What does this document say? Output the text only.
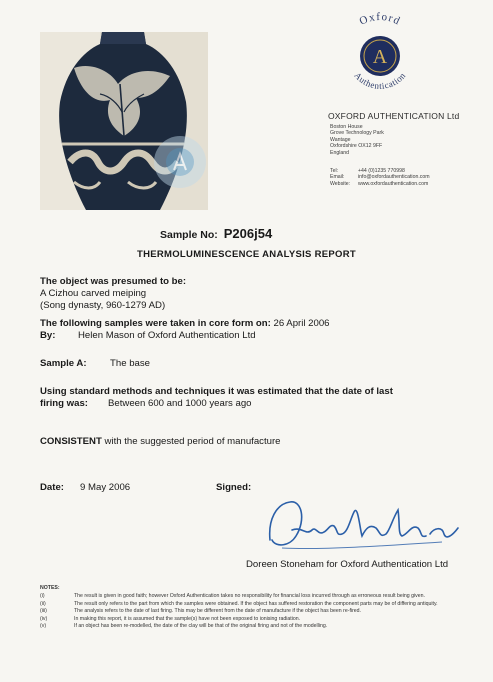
Oxford
A
Authentication
OXFORD AUTHENTICATION Ltd
Boston House
Grove Technology Park
Wantage
Oxfordshire OX12 9FF
England
Tel:	+44 (0)1235 770998
Email:	info@oxfordauthentication.com
Website:	www.oxfordauthentication.com
Sample No: P206j54
THERMOLUMINESCENCE ANALYSIS REPORT
The object was presumed to be:
A Cizhou carved meiping
(Song dynasty, 960-1279 AD)
The following samples were taken in core form on: 26 April 2006
By: Helen Mason of Oxford Authentication Ltd
Sample A: The base
Using standard methods and techniques it was estimated that the date of last
firing was: Between 600 and 1000 years ago
CONSISTENT with the suggested period of manufacture
Date: 9 May 2006	Signed:
Doreen Stoneham for Oxford Authentication Ltd
NOTES:
(i)	The result is given in good faith; however Oxford Authentication takes no responsibility for financial loss incurred through as erroneous result being given.
(ii)	The result only refers to the part from which the samples were obtained. If the object has suffered restoration the component parts may be of differing antiquity.
(iii)	The analysis refers to the date of last firing. This may be different from the date of manufacture if the object has been re-fired.
(iv)	In making this report, it is assumed that the sample(s) have not been exposed to ionising radiation.
(v)	If an object has been re-modelled, the date of the clay will be that of the original firing and not of the modelling.
